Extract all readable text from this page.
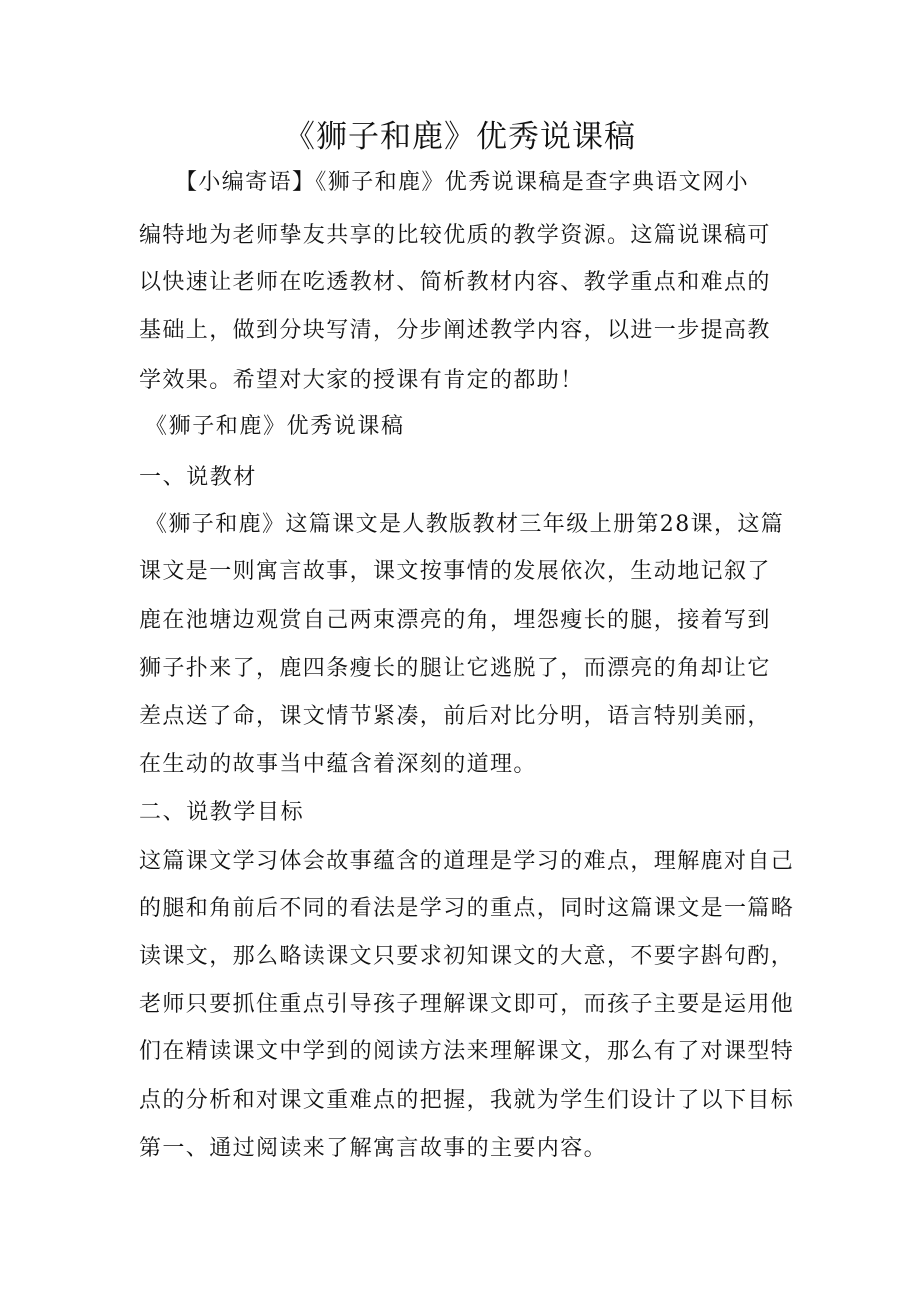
《狮子和鹿》优秀说课稿
【小编寄语】《狮子和鹿》优秀说课稿是查字典语文网小
编特地为老师挚友共享的比较优质的教学资源。这篇说课稿可
以快速让老师在吃透教材、简析教材内容、教学重点和难点的
基础上，做到分块写清，分步阐述教学内容，以进一步提高教
学效果。希望对大家的授课有肯定的都助！
《狮子和鹿》优秀说课稿
一、说教材
《狮子和鹿》这篇课文是人教版教材三年级上册第28课，这篇
课文是一则寓言故事，课文按事情的发展依次，生动地记叙了
鹿在池塘边观赏自己两束漂亮的角，埋怨瘦长的腿，接着写到
狮子扑来了，鹿四条瘦长的腿让它逃脱了，而漂亮的角却让它
差点送了命，课文情节紧凑，前后对比分明，语言特别美丽，
在生动的故事当中蕴含着深刻的道理。
二、说教学目标
这篇课文学习体会故事蕴含的道理是学习的难点，理解鹿对自己
的腿和角前后不同的看法是学习的重点，同时这篇课文是一篇略
读课文，那么略读课文只要求初知课文的大意，不要字斟句酌，
老师只要抓住重点引导孩子理解课文即可，而孩子主要是运用他
们在精读课文中学到的阅读方法来理解课文，那么有了对课型特
点的分析和对课文重难点的把握，我就为学生们设计了以下目标
第一、通过阅读来了解寓言故事的主要内容。
